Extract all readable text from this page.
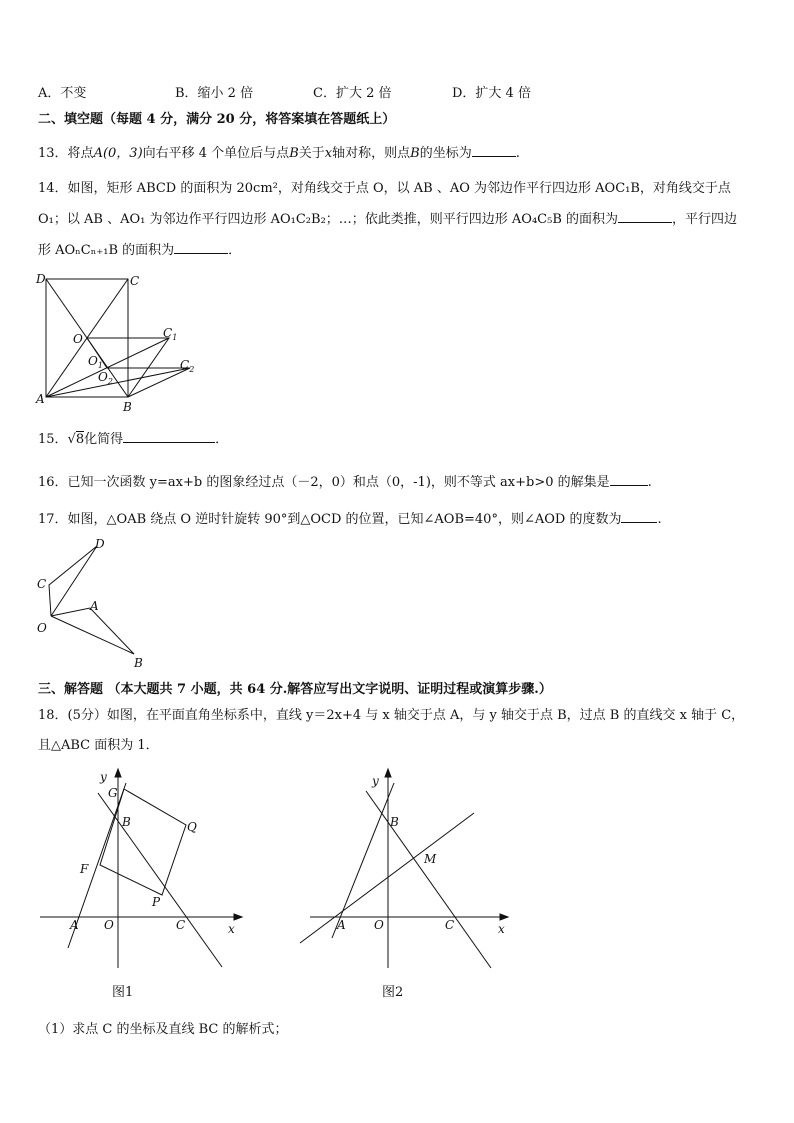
A．不变	B．缩小 2 倍	C．扩大 2 倍	D．扩大 4 倍
二、填空题（每题 4 分，满分 20 分，将答案填在答题纸上）
13．将点A(0，3)向右平移 4 个单位后与点B关于x轴对称，则点B的坐标为	.
14．如图，矩形 ABCD 的面积为 20cm²，对角线交于点 O，以 AB 、AO 为邻边作平行四边形 AOC₁B，对角线交于点
O₁；以 AB 、AO₁ 为邻边作平行四边形 AO₁C₂B₂；…；依此类推，则平行四边形 AO₄C₅B 的面积为	，平行四边
形 AOₙCₙ₊₁B 的面积为	．
D	C
O	$C_1$
$O_1$
$O_2$
$C_2$
A
B
15．√8化简得	．
16．已知一次函数 y=ax+b 的图象经过点（－2，0）和点（0，-1)，则不等式 ax+b>0 的解集是	.
17．如图，△OAB 绕点 O 逆时针旋转 90°到△OCD 的位置，已知∠AOB=40°，则∠AOD 的度数为	.
D
C
A
O
B
三、解答题 （本大题共 7 小题，共 64 分.解答应写出文字说明、证明过程或演算步骤.）
18．(5分）如图，在平面直角坐标系中，直线 y＝2x+4 与 x 轴交于点 A，与 y 轴交于点 B，过点 B 的直线交 x 轴于 C，
且△ABC 面积为 1．
y
G
B	Q
F
P
A O	C	x
图1
y
B
M
A O	C	x
图2
（1）求点 C 的坐标及直线 BC 的解析式；
